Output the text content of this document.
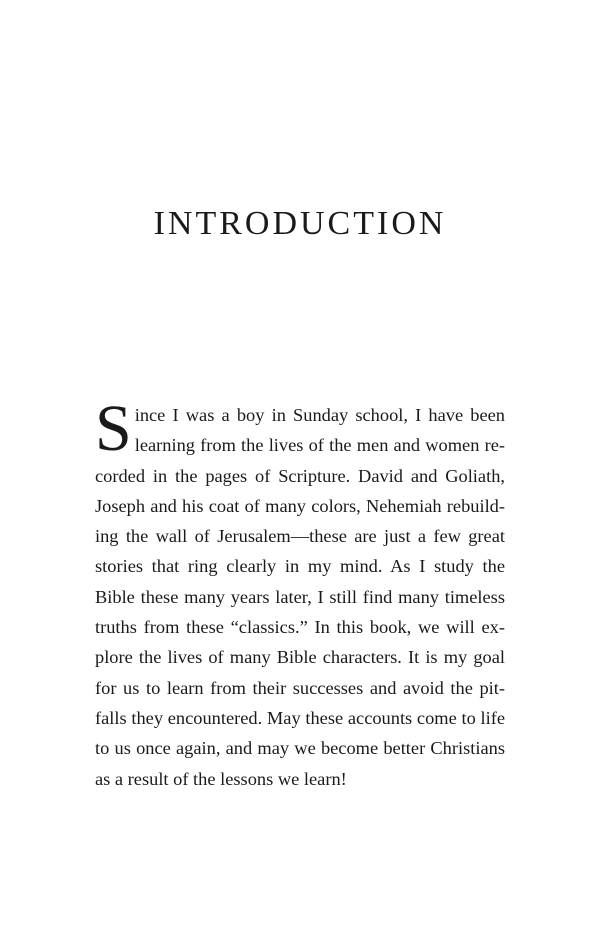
INTRODUCTION
S ince I was a boy in Sunday school, I have been
learning from the lives of the men and women re-
corded in the pages of Scripture. David and Goliath,
Joseph and his coat of many colors, Nehemiah rebuild-
ing the wall of Jerusalem—these are just a few great
stories that ring clearly in my mind. As I study the
Bible these many years later, I still find many timeless
truths from these “classics.” In this book, we will ex-
plore the lives of many Bible characters. It is my goal
for us to learn from their successes and avoid the pit-
falls they encountered. May these accounts come to life
to us once again, and may we become better Christians
as a result of the lessons we learn!
